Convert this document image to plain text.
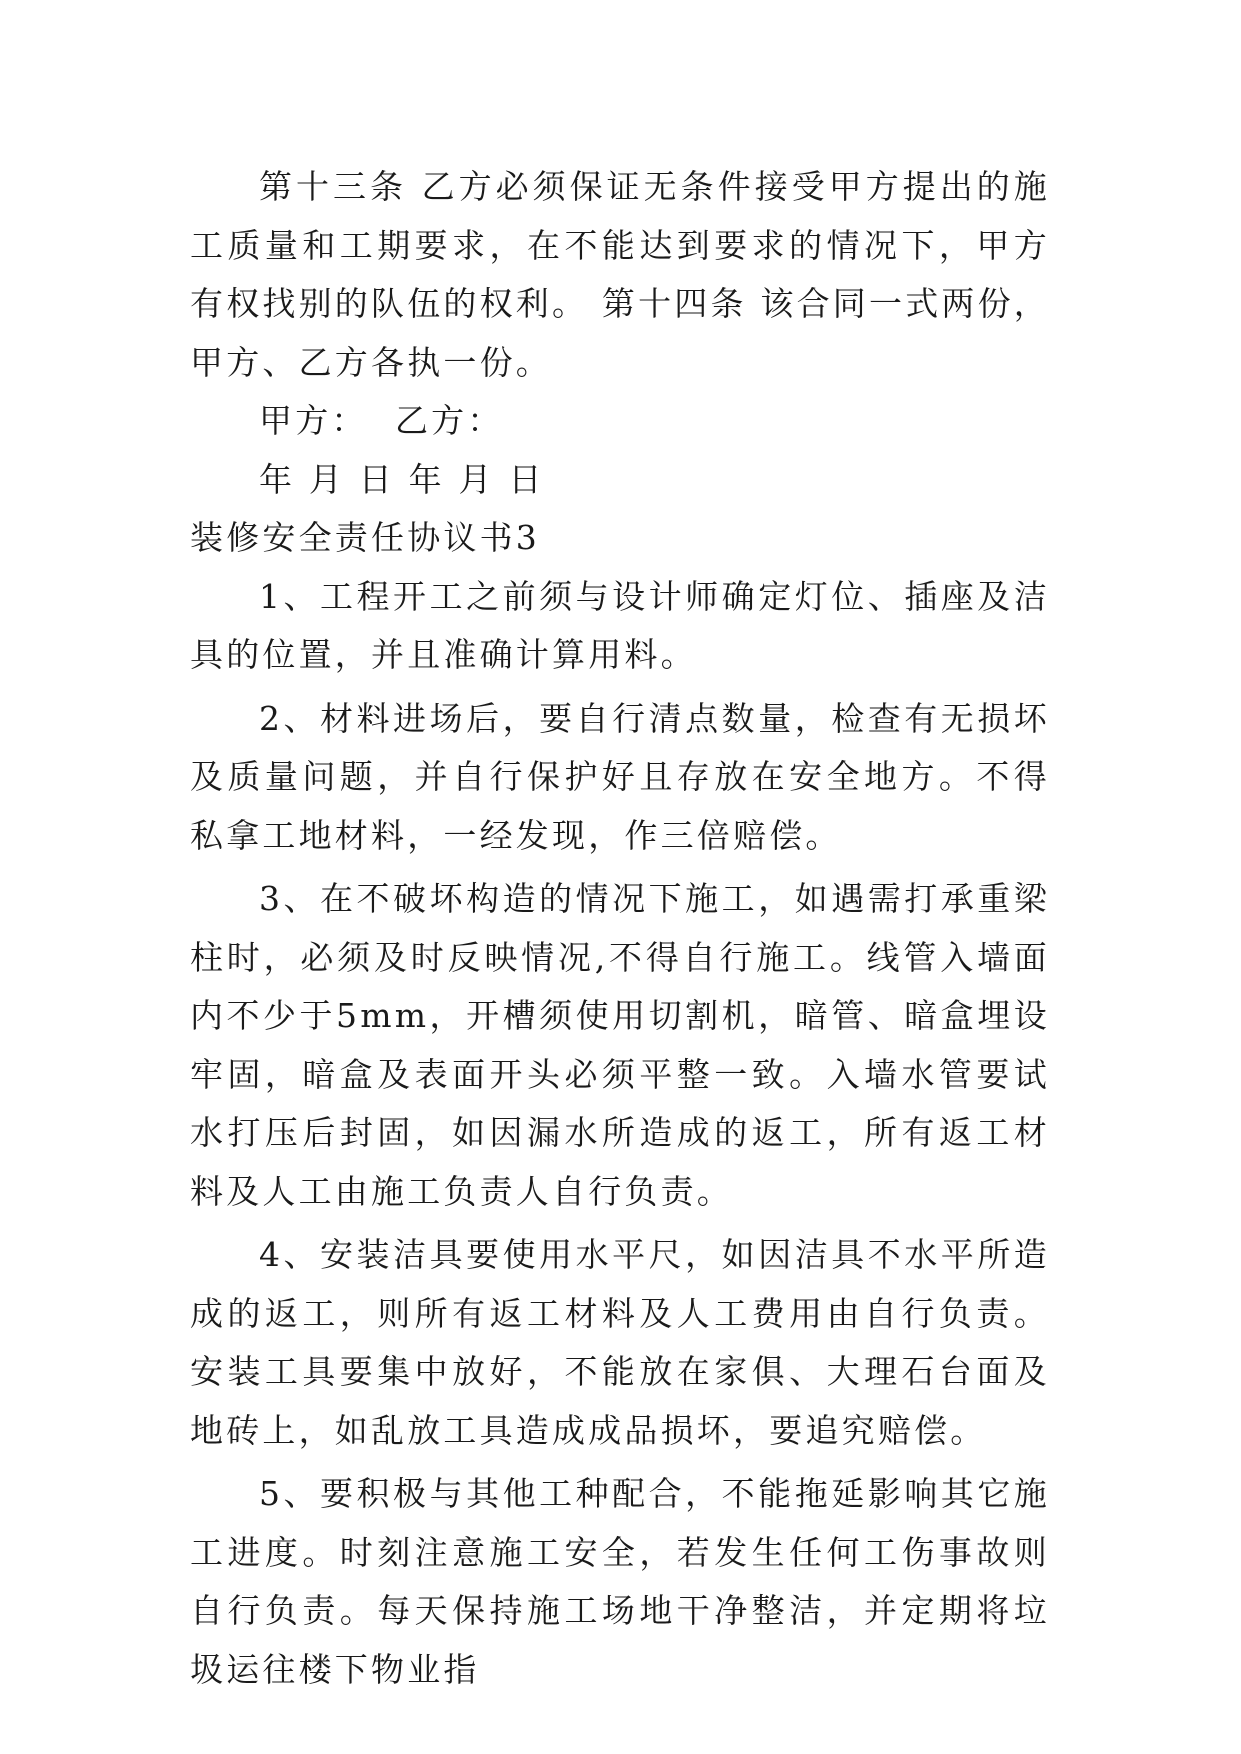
第十三条 乙方必须保证无条件接受甲方提出的施工质量和工期要求，在不能达到要求的情况下，甲方有权找别的队伍的权利。 第十四条 该合同一式两份，甲方、乙方各执一份。

甲方：  乙方：

年 月 日 年 月 日

装修安全责任协议书3

1、工程开工之前须与设计师确定灯位、插座及洁具的位置，并且准确计算用料。

2、材料进场后，要自行清点数量，检查有无损坏及质量问题，并自行保护好且存放在安全地方。不得私拿工地材料，一经发现，作三倍赔偿。

3、在不破坏构造的情况下施工，如遇需打承重梁柱时，必须及时反映情况,不得自行施工。线管入墙面内不少于5mm，开槽须使用切割机，暗管、暗盒埋设牢固，暗盒及表面开头必须平整一致。入墙水管要试水打压后封固，如因漏水所造成的返工，所有返工材料及人工由施工负责人自行负责。

4、安装洁具要使用水平尺，如因洁具不水平所造成的返工，则所有返工材料及人工费用由自行负责。安装工具要集中放好，不能放在家俱、大理石台面及地砖上，如乱放工具造成成品损坏，要追究赔偿。

5、要积极与其他工种配合，不能拖延影响其它施工进度。时刻注意施工安全，若发生任何工伤事故则自行负责。每天保持施工场地干净整洁，并定期将垃圾运往楼下物业指
